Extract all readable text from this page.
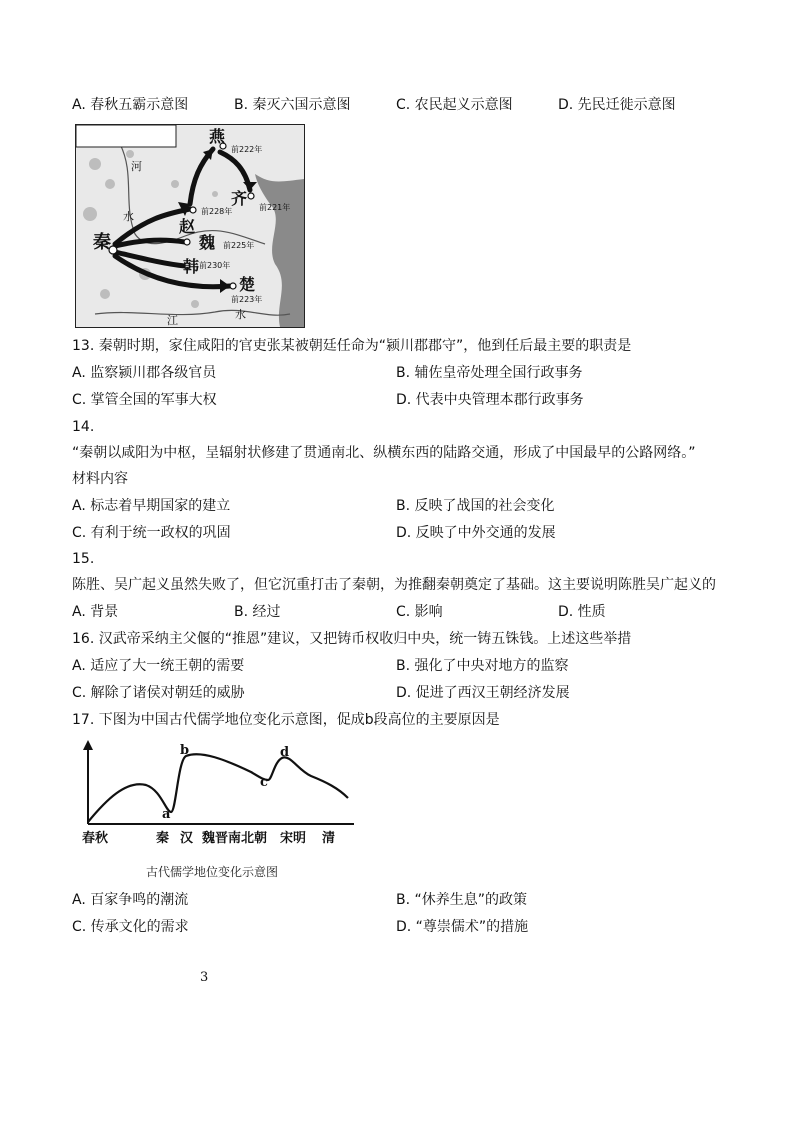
A. 春秋五霸示意图	B. 秦灭六国示意图	C. 农民起义示意图	D. 先民迁徙示意图
燕
前222年
齐 前221年
前228年
赵
秦	魏 前225年
韩 前230年
楚
前223年
河
水
江	水
13. 秦朝时期，家住咸阳的官吏张某被朝廷任命为“颍川郡郡守”，他到任后最主要的职责是
A. 监察颍川郡各级官员	B. 辅佐皇帝处理全国行政事务
C. 掌管全国的军事大权	D. 代表中央管理本郡行政事务
14.
“秦朝以咸阳为中枢，呈辐射状修建了贯通南北、纵横东西的陆路交通，形成了中国最早的公路网络。”
材料内容
A. 标志着早期国家的建立	B. 反映了战国的社会变化
C. 有利于统一政权的巩固	D. 反映了中外交通的发展
15.
陈胜、吴广起义虽然失败了，但它沉重打击了秦朝，为推翻秦朝奠定了基础。这主要说明陈胜吴广起义的
A. 背景	B. 经过	C. 影响	D. 性质
16. 汉武帝采纳主父偃的“推恩”建议，又把铸币权收归中央，统一铸五铢钱。上述这些举措
A. 适应了大一统王朝的需要	B. 强化了中央对地方的监察
C. 解除了诸侯对朝廷的威胁	D. 促进了西汉王朝经济发展
17. 下图为中国古代儒学地位变化示意图，促成b段高位的主要原因是
a
b
c
d
春秋	秦 汉 魏晋南北朝 宋明 清
古代儒学地位变化示意图
A. 百家争鸣的潮流	B. “休养生息”的政策
C. 传承文化的需求	D. “尊崇儒术”的措施
3
